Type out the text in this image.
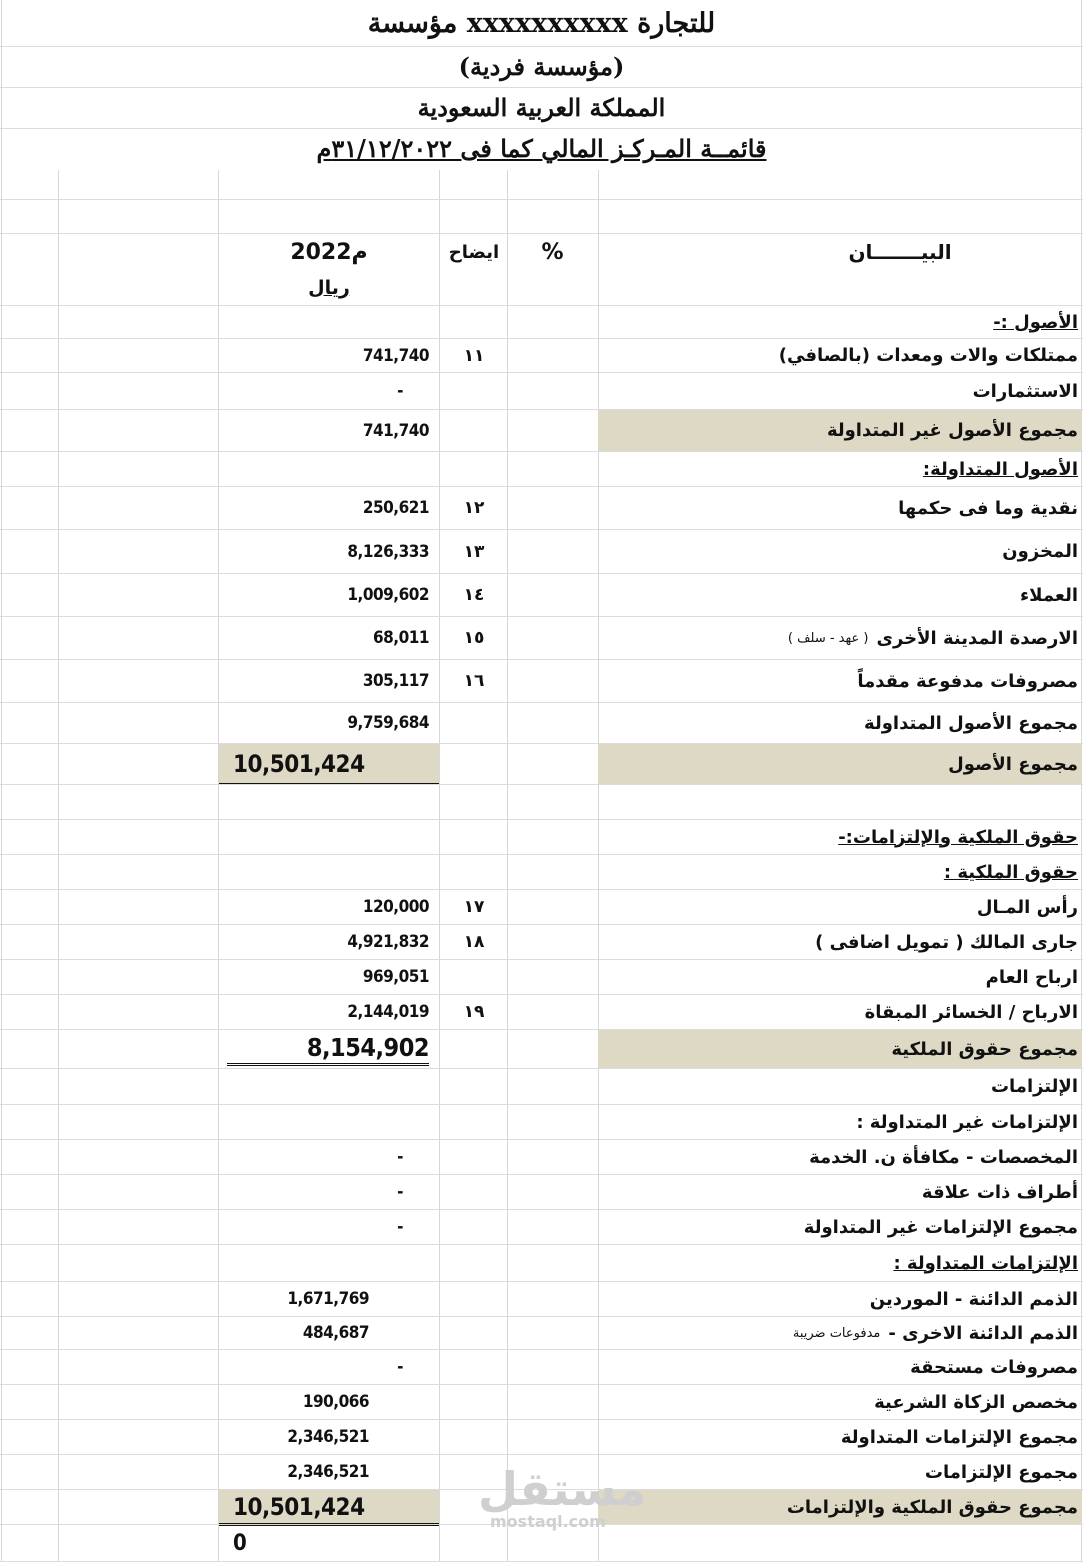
مؤسسة xxxxxxxxxx للتجارة
(مؤسسة فردية)
المملكة العربية السعودية
قائمــة المـركـز المالي كما فى ٣١/١٢/٢٠٢٢م
البيـــــــان
%
ايضاح
2022م
ريال
الأصول :-
ممتلكات والات ومعدات (بالصافي)
١١
741,740
الاستثمارات
-
مجموع الأصول غير المتداولة
741,740
الأصول المتداولة:
نقدية وما فى حكمها
١٢
250,621
المخزون
١٣
8,126,333
العملاء
١٤
1,009,602
الارصدة المدينة الأخرى
( عهد - سلف )
١٥
68,011
مصروفات مدفوعة مقدماً
١٦
305,117
مجموع الأصول المتداولة
9,759,684
مجموع الأصول
10,501,424
حقوق الملكية والإلتزامات:-
حقوق الملكية :
رأس المـال
١٧
120,000
جارى المالك ( تمويل اضافى )
١٨
4,921,832
ارباح العام
969,051
الارباح / الخسائر المبقاة
١٩
2,144,019
مجموع حقوق الملكية
8,154,902
الإلتزامات
الإلتزامات غير المتداولة :
المخصصات - مكافأة ن. الخدمة
-
أطراف ذات علاقة
-
مجموع الإلتزامات غير المتداولة
-
الإلتزامات المتداولة :
الذمم الدائنة - الموردين
1,671,769
الذمم الدائنة الاخرى -
مدفوعات ضريبة
484,687
مصروفات مستحقة
-
مخصص الزكاة الشرعية
190,066
مجموع الإلتزامات المتداولة
2,346,521
مجموع الإلتزامات
2,346,521
مجموع حقوق الملكية والإلتزامات
10,501,424
0
مستقل
mostaql.com
